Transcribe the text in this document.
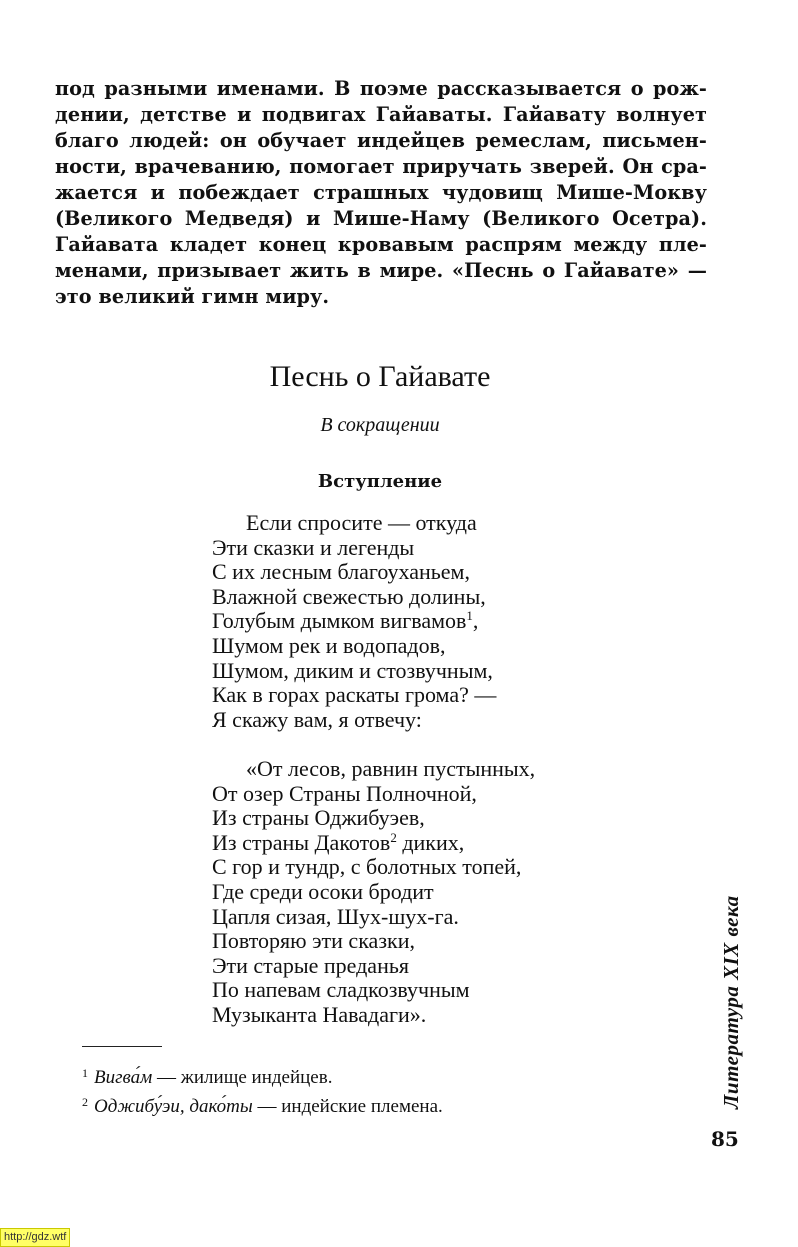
под разными именами. В поэме рассказывается о рож-
дении, детстве и подвигах Гайаваты. Гайавату волнует
благо людей: он обучает индейцев ремеслам, письмен-
ности, врачеванию, помогает приручать зверей. Он сра-
жается и побеждает страшных чудовищ Мише-Мокву
(Великого Медведя) и Мише-Наму (Великого Осетра).
Гайавата кладет конец кровавым распрям между пле-
менами, призывает жить в мире. «Песнь о Гайавате» —
это великий гимн миру.
Песнь о Гайавате
В сокращении
Вступление
Если спросите — откуда
Эти сказки и легенды
С их лесным благоуханьем,
Влажной свежестью долины,
Голубым дымком вигвамов$^1$,
Шумом рек и водопадов,
Шумом, диким и стозвучным,
Как в горах раскаты грома? —
Я скажу вам, я отвечу:
«От лесов, равнин пустынных,
От озер Страны Полночной,
Из страны Оджибуэев,
Из страны Дакотов$^2$ диких,
С гор и тундр, с болотных топей,
Где среди осоки бродит
Цапля сизая, Шух-шух-га.
Повторяю эти сказки,
Эти старые преданья
По напевам сладкозвучным
Музыканта Навадаги».
$^1$ Вигва́м — жилище индейцев.
$^2$ Оджибу́эи, дако́ты — индейские племена.	Литература XIX века
85
http://gdz.wtf
